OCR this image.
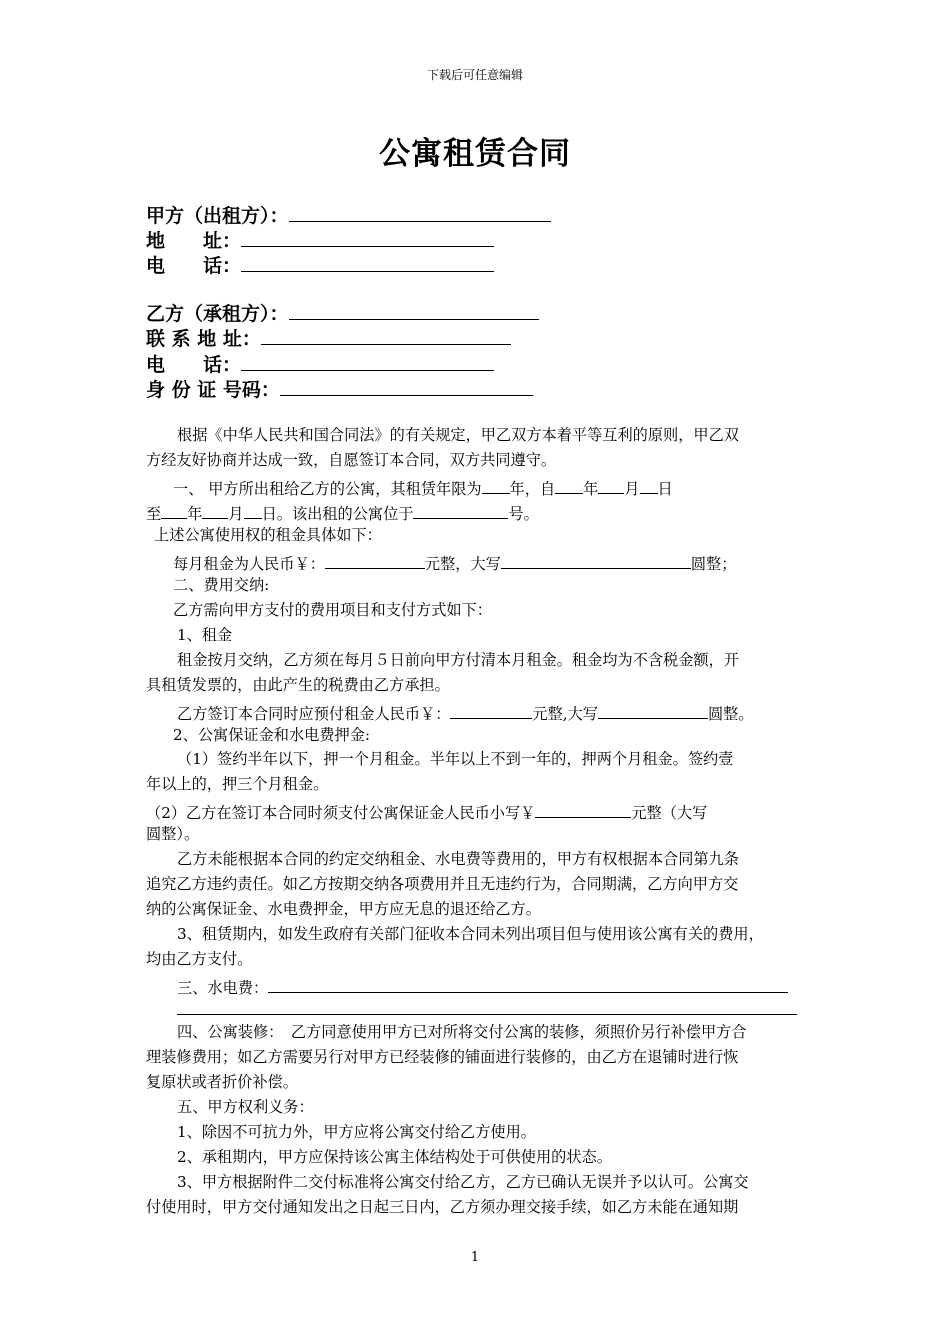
下载后可任意编辑
公寓租赁合同
甲方（出租方）：
地　　址：
电　　话：
乙方（承租方）：
联 系 地 址：
电　　话：
身 份 证 号码：
根据《中华人民共和国合同法》的有关规定，甲乙双方本着平等互利的原则，甲乙双
方经友好协商并达成一致，自愿签订本合同，双方共同遵守。
一、 甲方所出租给乙方的公寓，其租赁年限为 年，自 年 月 日
至 年 月 日。该出租的公寓位于	号。
上述公寓使用权的租金具体如下：
每月租金为人民币￥：	元整，大写	圆整；
二、费用交纳:
乙方需向甲方支付的费用项目和支付方式如下：
1、租金
租金按月交纳，乙方须在每月５日前向甲方付清本月租金。租金均为不含税金额，开
具租赁发票的，由此产生的税费由乙方承担。
乙方签订本合同时应预付租金人民币￥：	元整,大写	圆整。
2、公寓保证金和水电费押金:
（1）签约半年以下，押一个月租金。半年以上不到一年的，押两个月租金。签约壹
年以上的，押三个月租金。
（2）乙方在签订本合同时须支付公寓保证金人民币小写￥	元整（大写
圆整）。
乙方未能根据本合同的约定交纳租金、水电费等费用的，甲方有权根据本合同第九条
追究乙方违约责任。如乙方按期交纳各项费用并且无违约行为，合同期满，乙方向甲方交
纳的公寓保证金、水电费押金，甲方应无息的退还给乙方。
3、租赁期内，如发生政府有关部门征收本合同未列出项目但与使用该公寓有关的费用，
均由乙方支付。
三、水电费：
四、公寓装修：　乙方同意使用甲方已对所将交付公寓的装修，须照价另行补偿甲方合
理装修费用；如乙方需要另行对甲方已经装修的铺面进行装修的，由乙方在退铺时进行恢
复原状或者折价补偿。
五、甲方权利义务：
1、除因不可抗力外，甲方应将公寓交付给乙方使用。
2、承租期内，甲方应保持该公寓主体结构处于可供使用的状态。
3、甲方根据附件二交付标准将公寓交付给乙方，乙方已确认无误并予以认可。公寓交
付使用时，甲方交付通知发出之日起三日内，乙方须办理交接手续，如乙方未能在通知期
1
